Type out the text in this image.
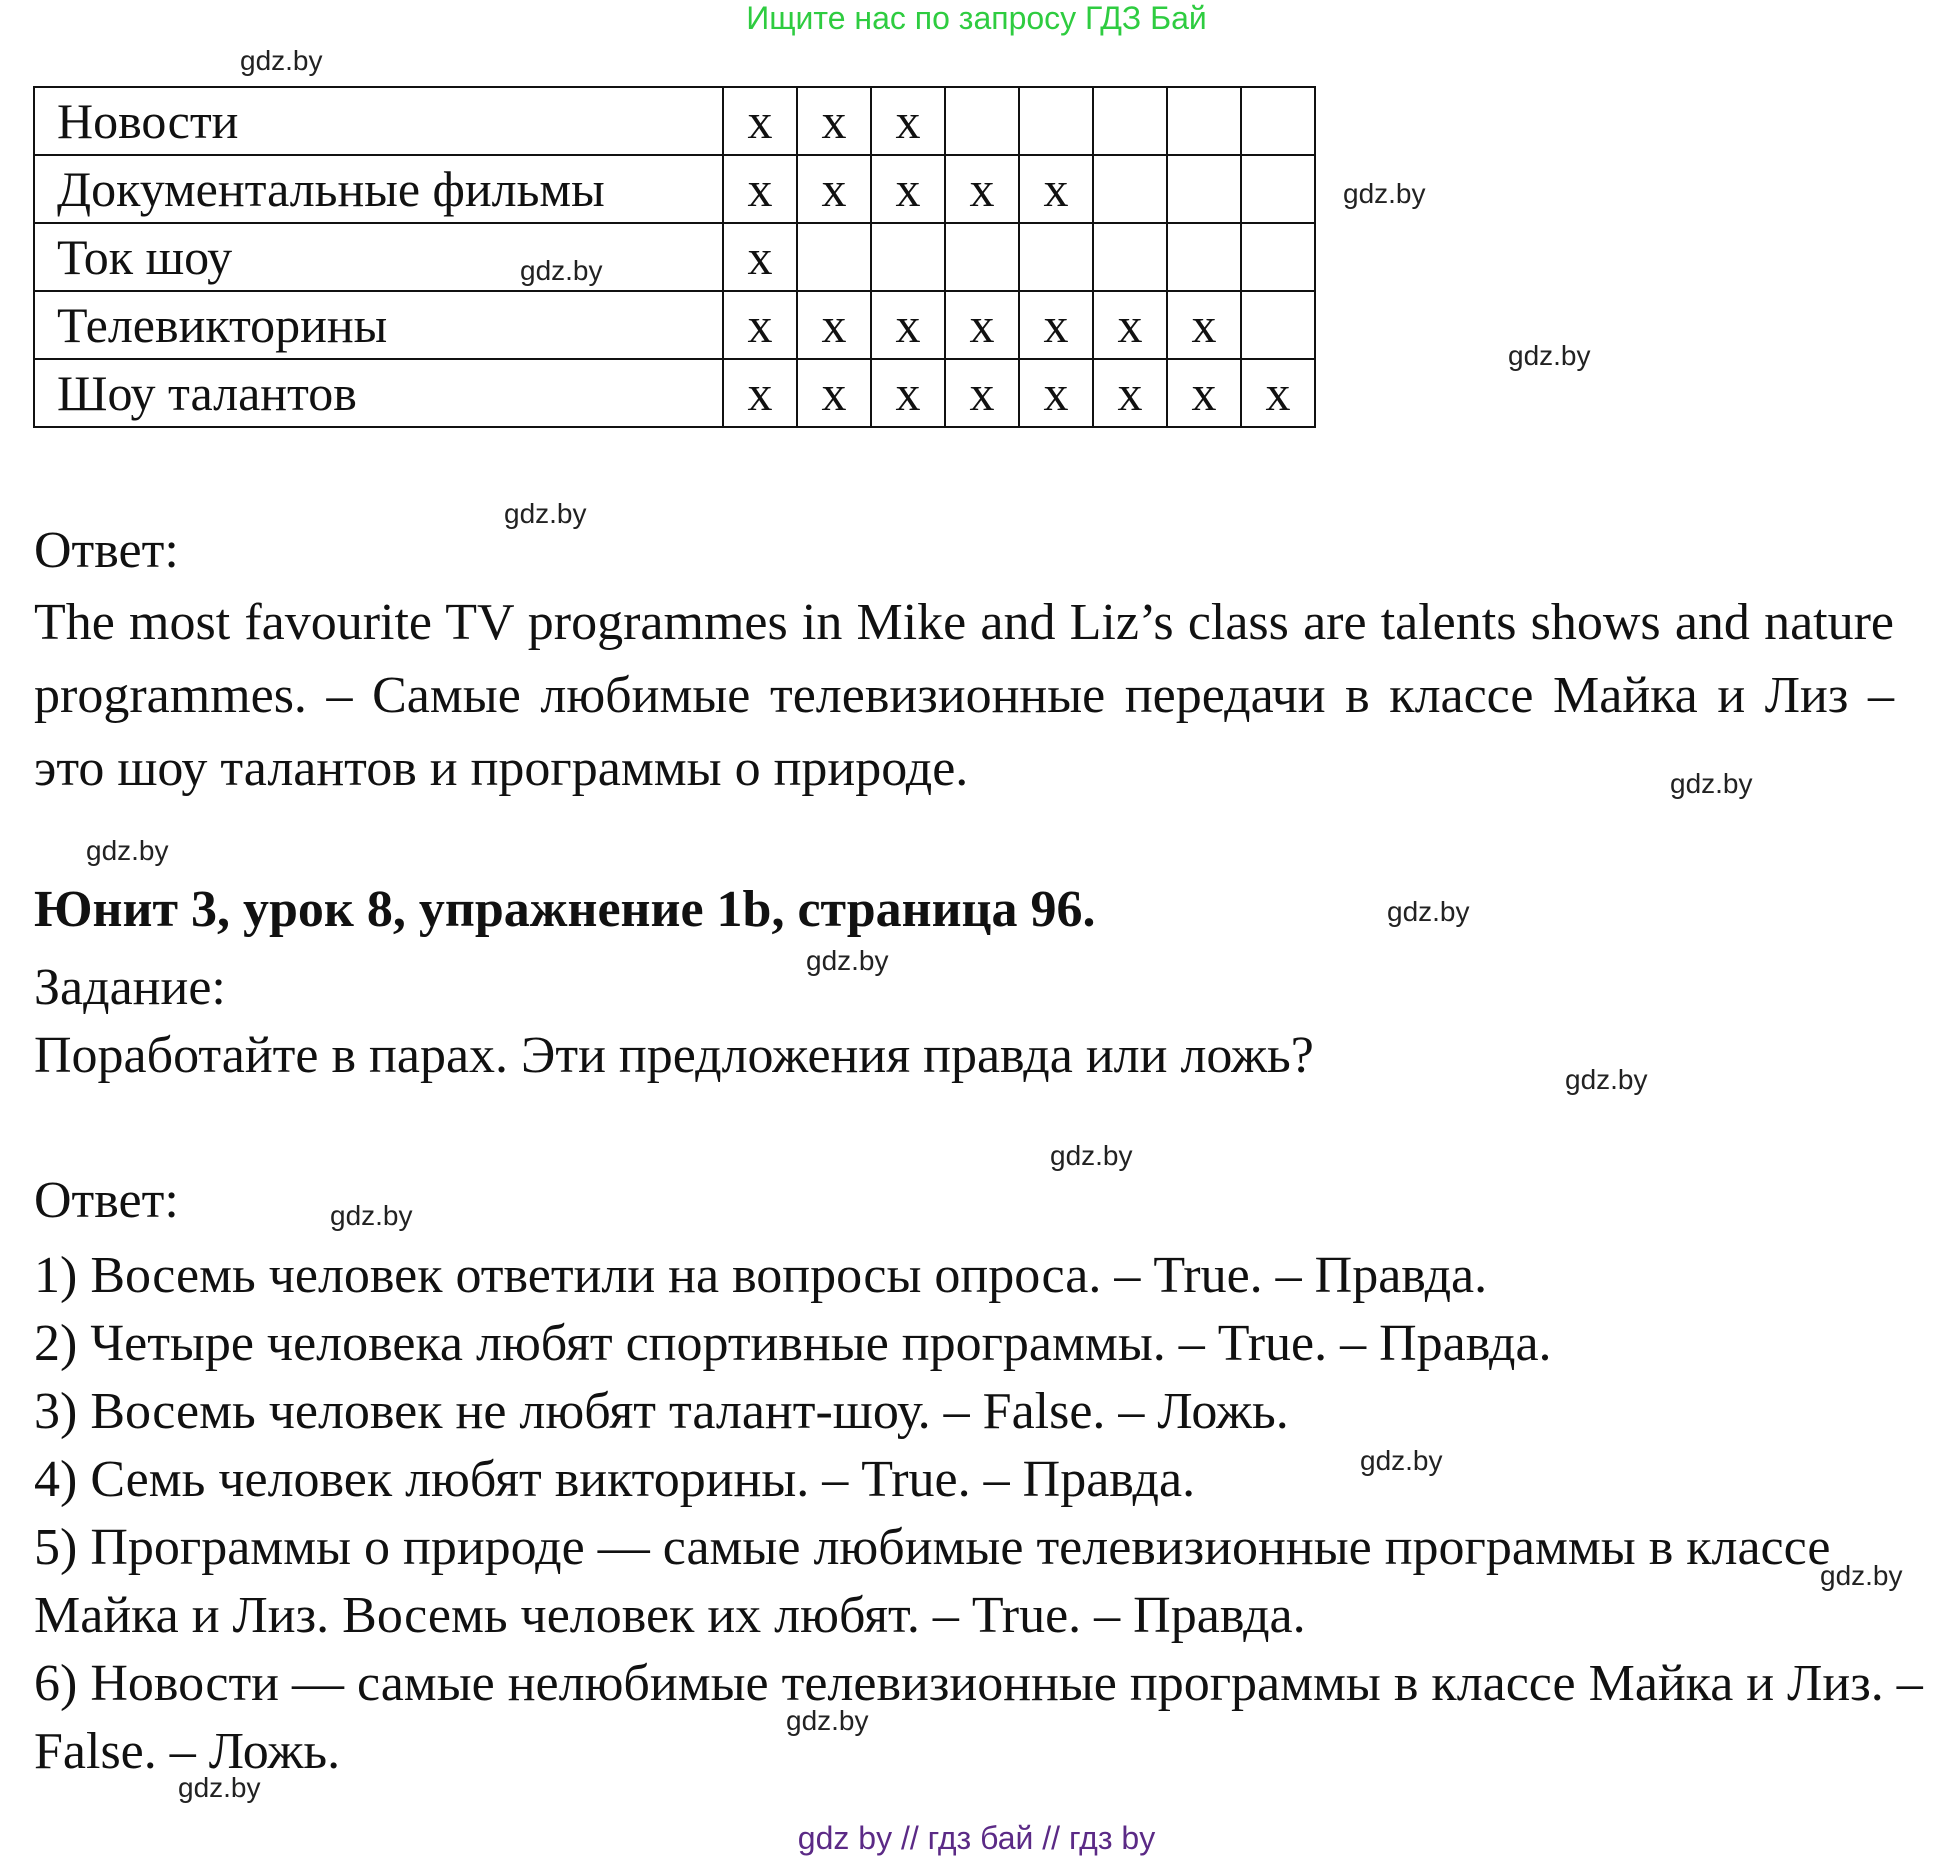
Ищите нас по запросу ГДЗ Бай
Новости	x	x	x					
Документальные фильмы	x	x	x	x	x			
Ток шоу	x							
Телевикторины	x	x	x	x	x	x	x	
Шоу талантов	x	x	x	x	x	x	x	x
Ответ:
The most favourite TV programmes in Mike and Liz’s class are talents shows and nature programmes. – Самые любимые телевизионные передачи в классе Майка и Лиз – это шоу талантов и программы о природе.
Юнит 3, урок 8, упражнение 1b, страница 96.
Задание:
Поработайте в парах. Эти предложения правда или ложь?
Ответ:
1) Восемь человек ответили на вопросы опроса. – True. – Правда.
2) Четыре человека любят спортивные программы. – True. – Правда.
3) Восемь человек не любят талант-шоу. – False. – Ложь.
4) Семь человек любят викторины. – True. – Правда.
5) Программы о природе — самые любимые телевизионные программы в классе Майка и Лиз. Восемь человек их любят. – True. – Правда.
6) Новости — самые нелюбимые телевизионные программы в классе Майка и Лиз. – False. – Ложь.
gdz by // гдз бай // гдз by
gdz.by
gdz.by
gdz.by
gdz.by
gdz.by
gdz.by
gdz.by
gdz.by
gdz.by
gdz.by
gdz.by
gdz.by
gdz.by
gdz.by
gdz.by
gdz.by
